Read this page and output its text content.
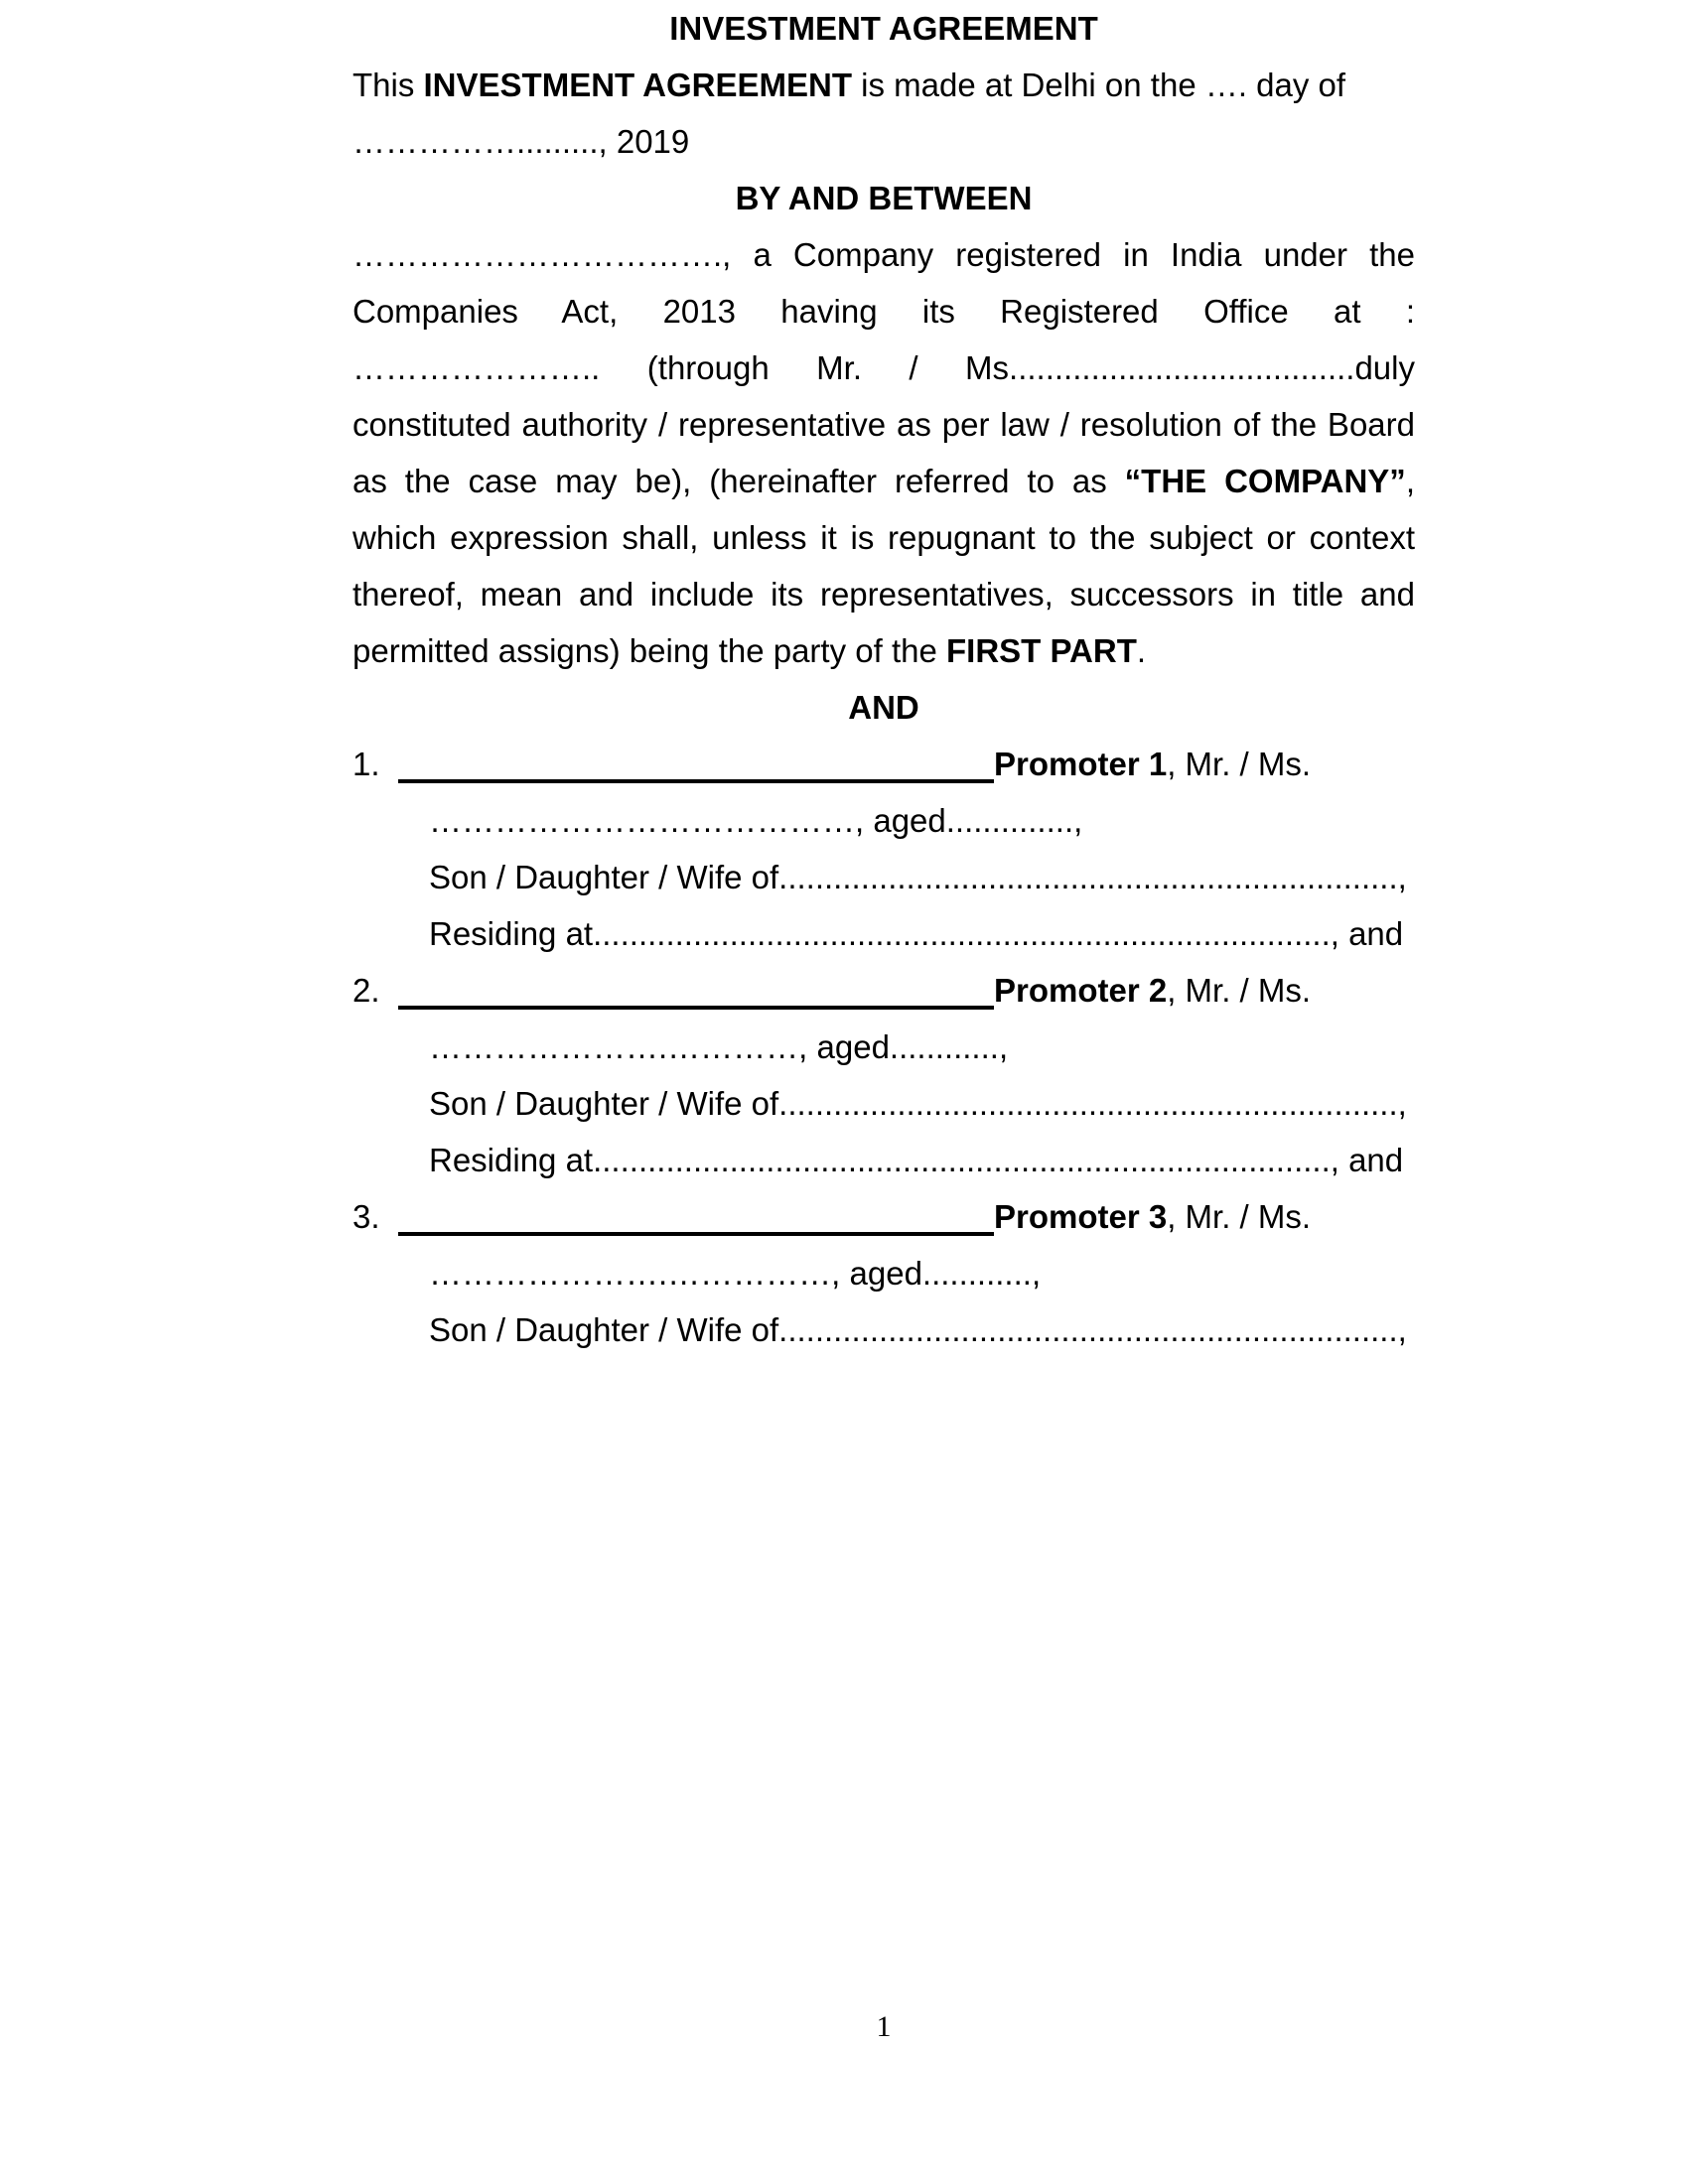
INVESTMENT AGREEMENT

This INVESTMENT AGREEMENT is made at Delhi on the …. day of
……………........., 2019

BY AND BETWEEN
……………………………., a Company registered in India under the
Companies Act, 2013 having its Registered Office at :
………………….. (through Mr. / Ms......................................duly
constituted authority / representative as per law / resolution of the Board
as the case may be), (hereinafter referred to as “THE COMPANY”,
which expression shall, unless it is repugnant to the subject or context
thereof, mean and include its representatives, successors in title and
permitted assigns) being the party of the FIRST PART.
AND
1.	Promoter 1, Mr. / Ms.
…………………………………, aged..............,
Son / Daughter / Wife of....................................................................,
Residing at................................................................................., and
2.	Promoter 2, Mr. / Ms.
………………….…………, aged............,
Son / Daughter / Wife of....................................................................,
Residing at................................................................................., and
3.	Promoter 3, Mr. / Ms.
………………….……………, aged............,
Son / Daughter / Wife of....................................................................,
1
